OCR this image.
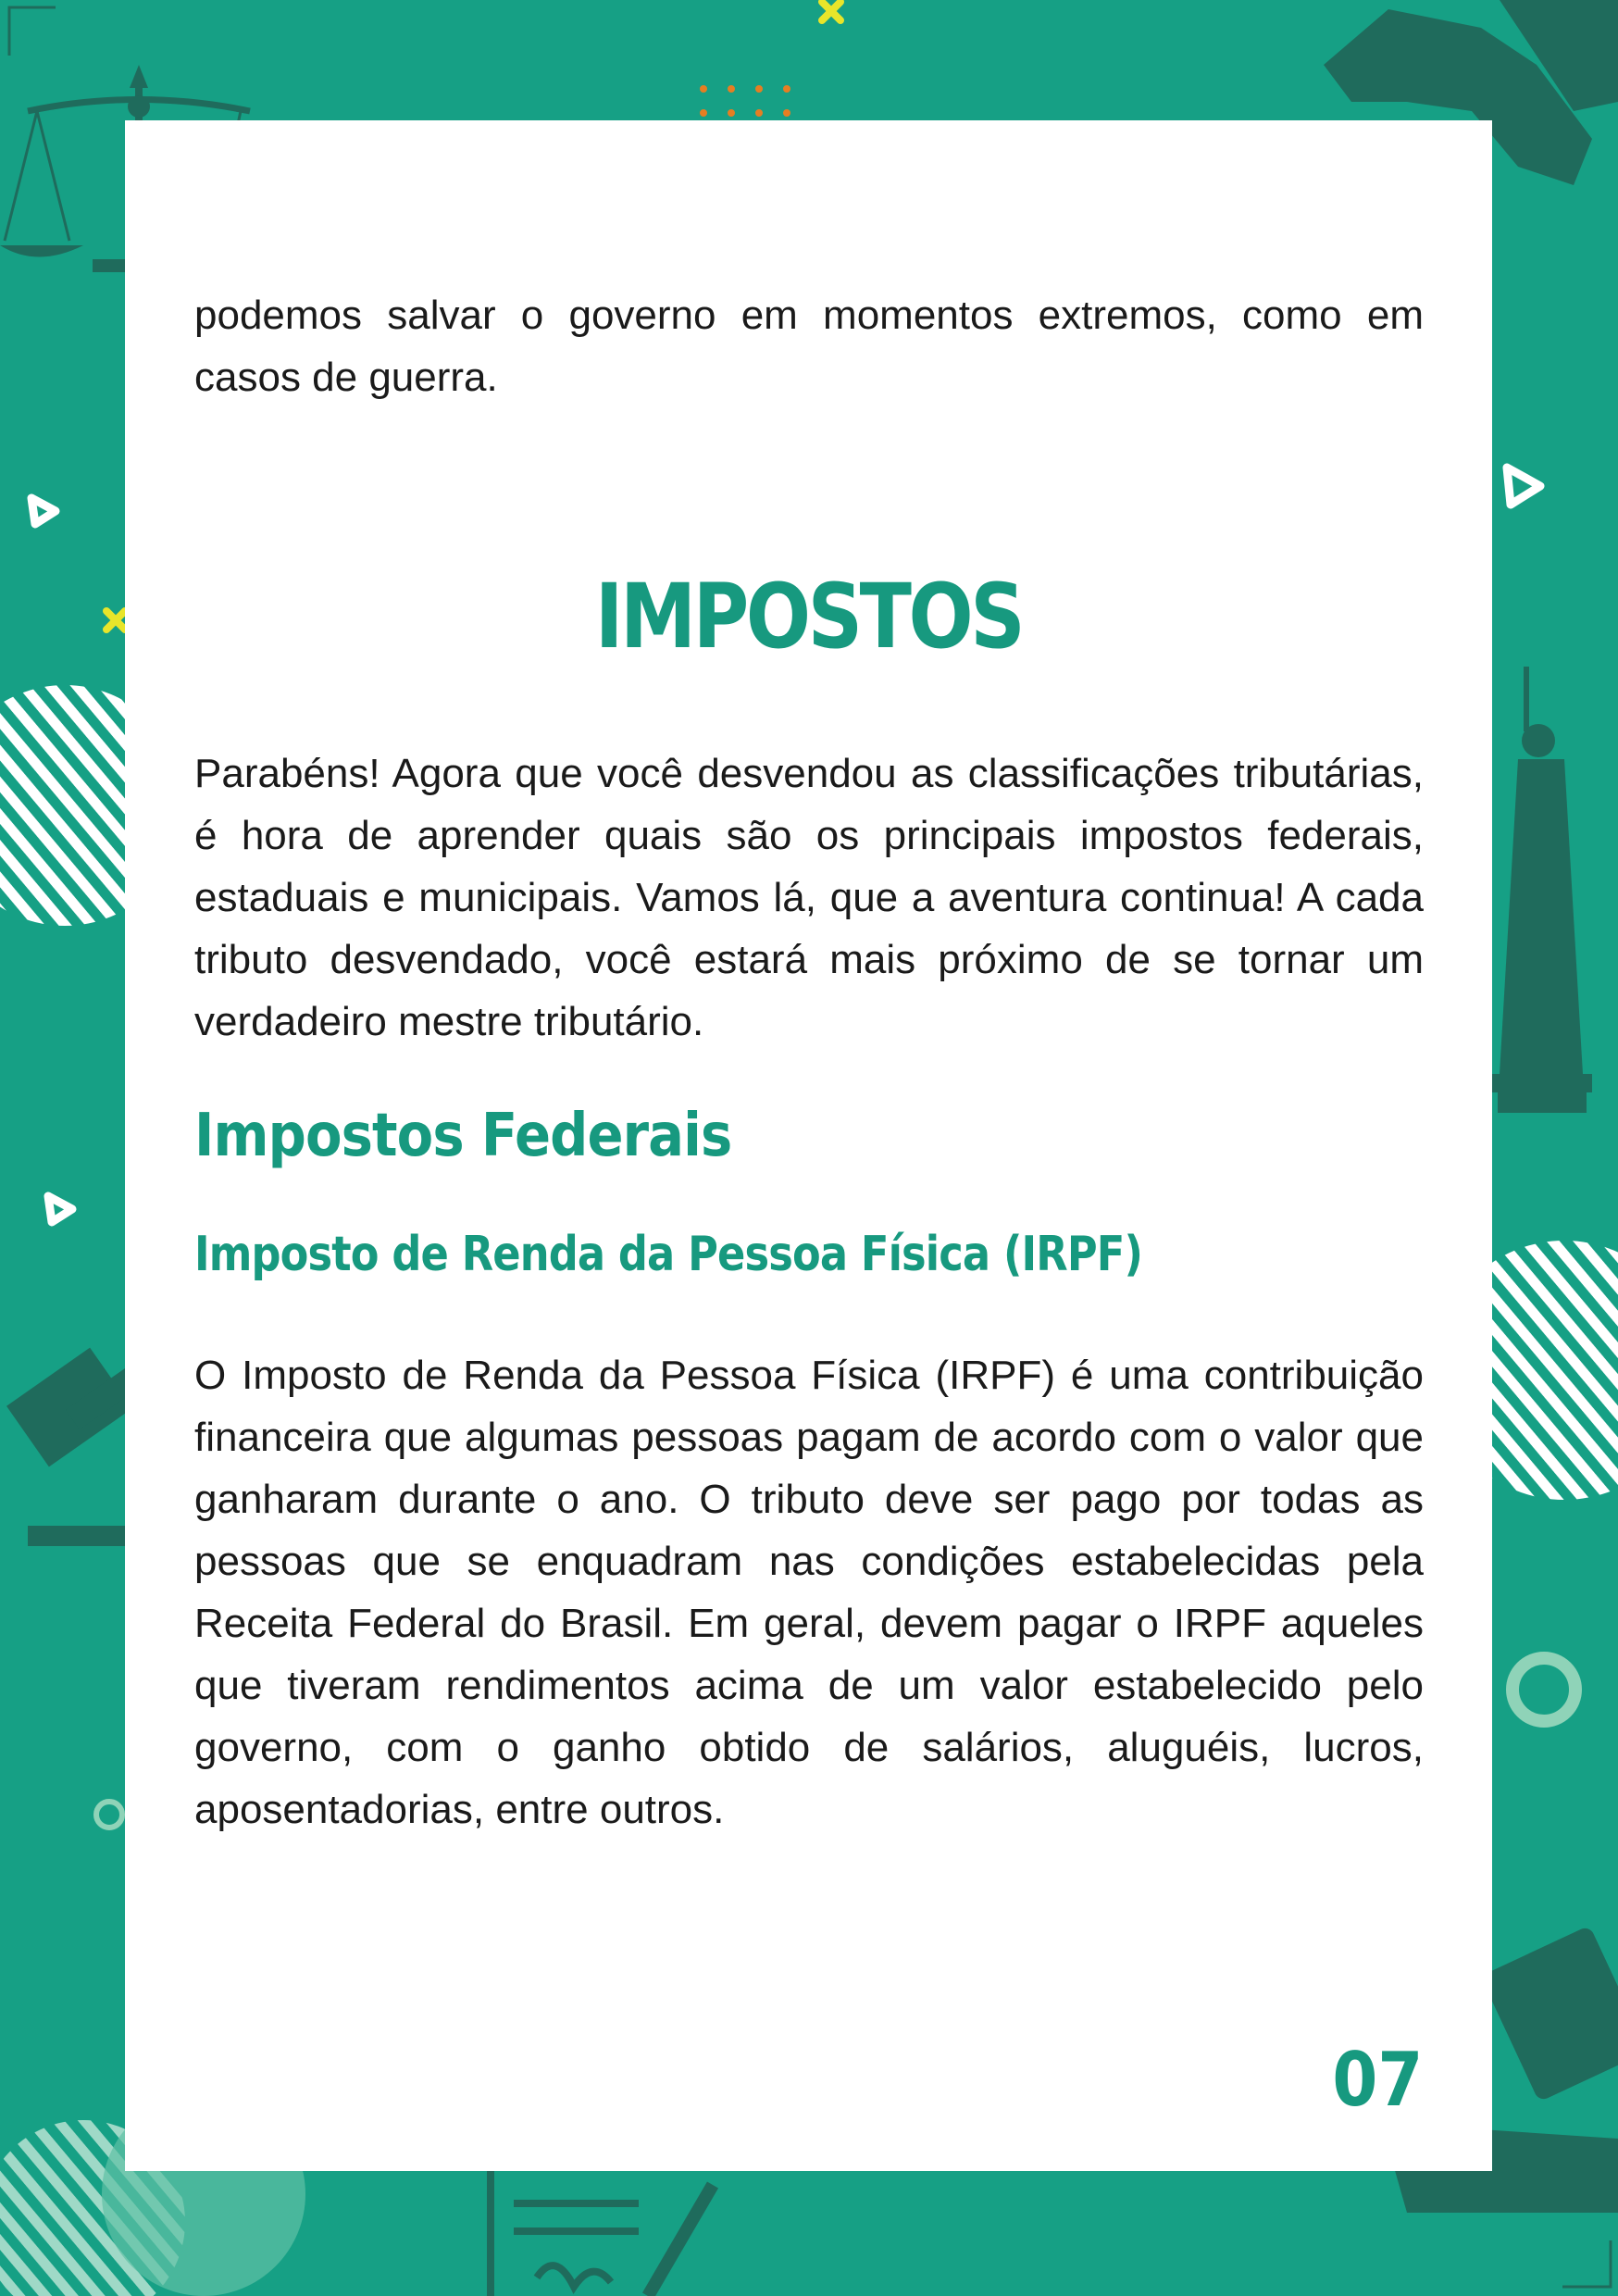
podemos salvar o governo em momentos extremos, como em casos de guerra.

IMPOSTOS

Parabéns! Agora que você desvendou as classificações tributárias, é hora de aprender quais são os principais impostos federais, estaduais e municipais. Vamos lá, que a aventura continua! A cada tributo desvendado, você estará mais próximo de se tornar um verdadeiro mestre tributário.

Impostos Federais
Imposto de Renda da Pessoa Física (IRPF)

O Imposto de Renda da Pessoa Física (IRPF) é uma contribuição financeira que algumas pessoas pagam de acordo com o valor que ganharam durante o ano. O tributo deve ser pago por todas as pessoas que se enquadram nas condições estabelecidas pela Receita Federal do Brasil. Em geral, devem pagar o IRPF aqueles que tiveram rendimentos acima de um valor estabelecido pelo governo, com o ganho obtido de salários, aluguéis, lucros, aposentadorias, entre outros.

07
